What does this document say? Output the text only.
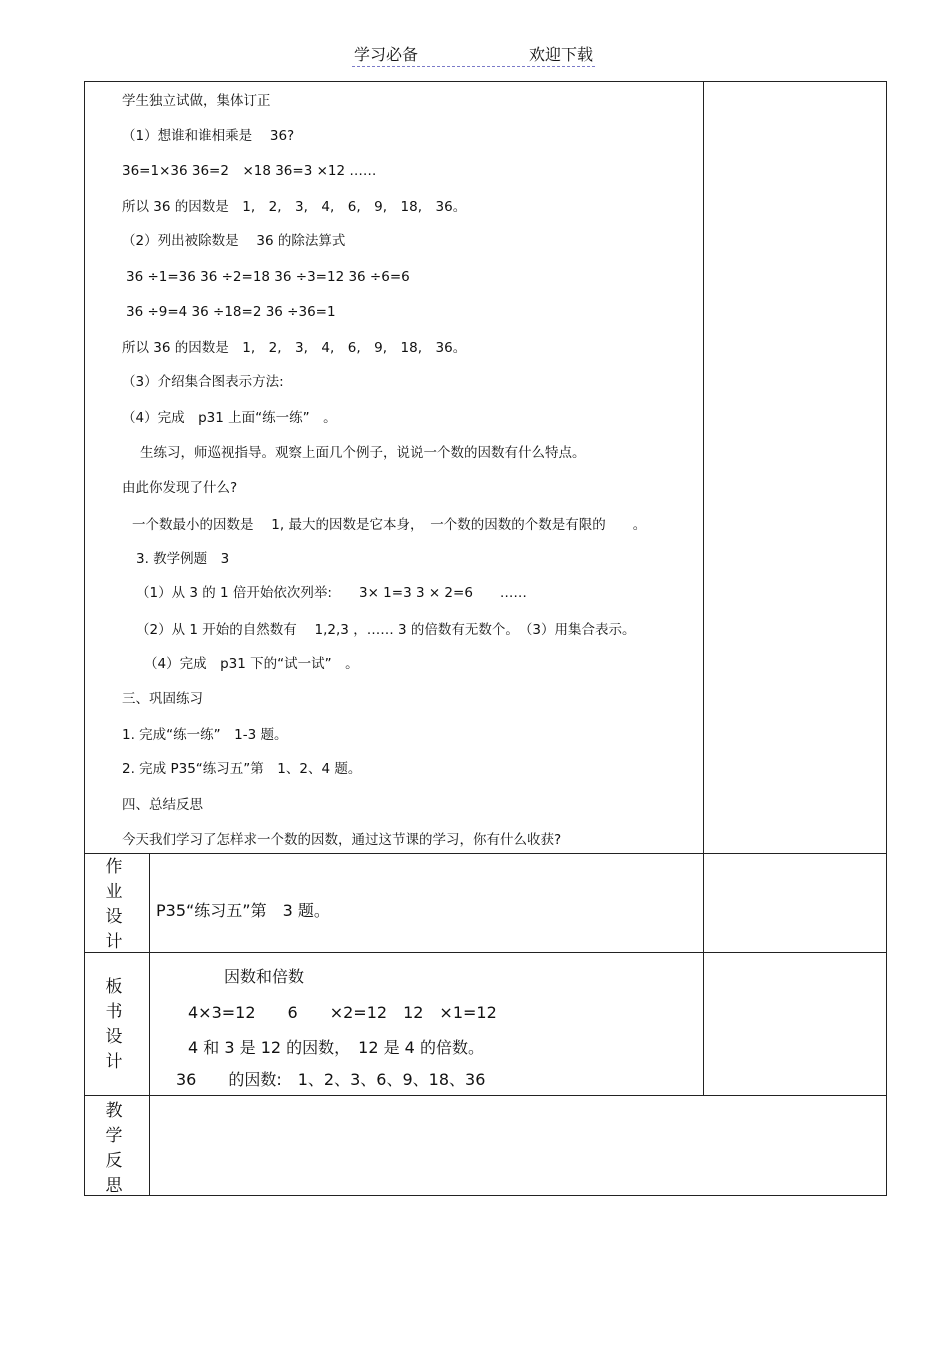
学习必备	欢迎下载
学生独立试做，集体订正
（1）想谁和谁相乘是　 36?
36=1×36 36=2　×18 36=3 ×12 ……
所以 36 的因数是　1,　2,　3,　4,　6,　9,　18,　36。
（2）列出被除数是　 36 的除法算式
36 ÷1=36 36 ÷2=18 36 ÷3=12 36 ÷6=6
36 ÷9=4 36 ÷18=2 36 ÷36=1
所以 36 的因数是　1,　2,　3,　4,　6,　9,　18,　36。
（3）介绍集合图表示方法:
（4）完成　p31 上面“练一练”　。
生练习，师巡视指导。观察上面几个例子，说说一个数的因数有什么特点。
由此你发现了什么?
一个数最小的因数是　 1, 最大的因数是它本身，　一个数的因数的个数是有限的　　。
3. 教学例题　3
（1）从 3 的 1 倍开始依次列举:　　3× 1=3 3 × 2=6　　……
（2）从 1 开始的自然数有　 1,2,3 ，…… 3 的倍数有无数个。　（3）用集合表示。
（4）完成　p31 下的“试一试”　。
三、巩固练习
1. 完成“练一练”　1-3 题。
2. 完成 P35“练习五”第　1、2、4 题。
四、总结反思
今天我们学习了怎样求一个数的因数，通过这节课的学习，你有什么收获?
作
业
设
计
P35“练习五”第　3 题。
板
书
设
计
因数和倍数
4×3=12　　6　　×2=12　12　×1=12
4 和 3 是 12 的因数，　12 是 4 的倍数。
36　　的因数:　1、2、3、6、9、18、36
教
学
反
思
